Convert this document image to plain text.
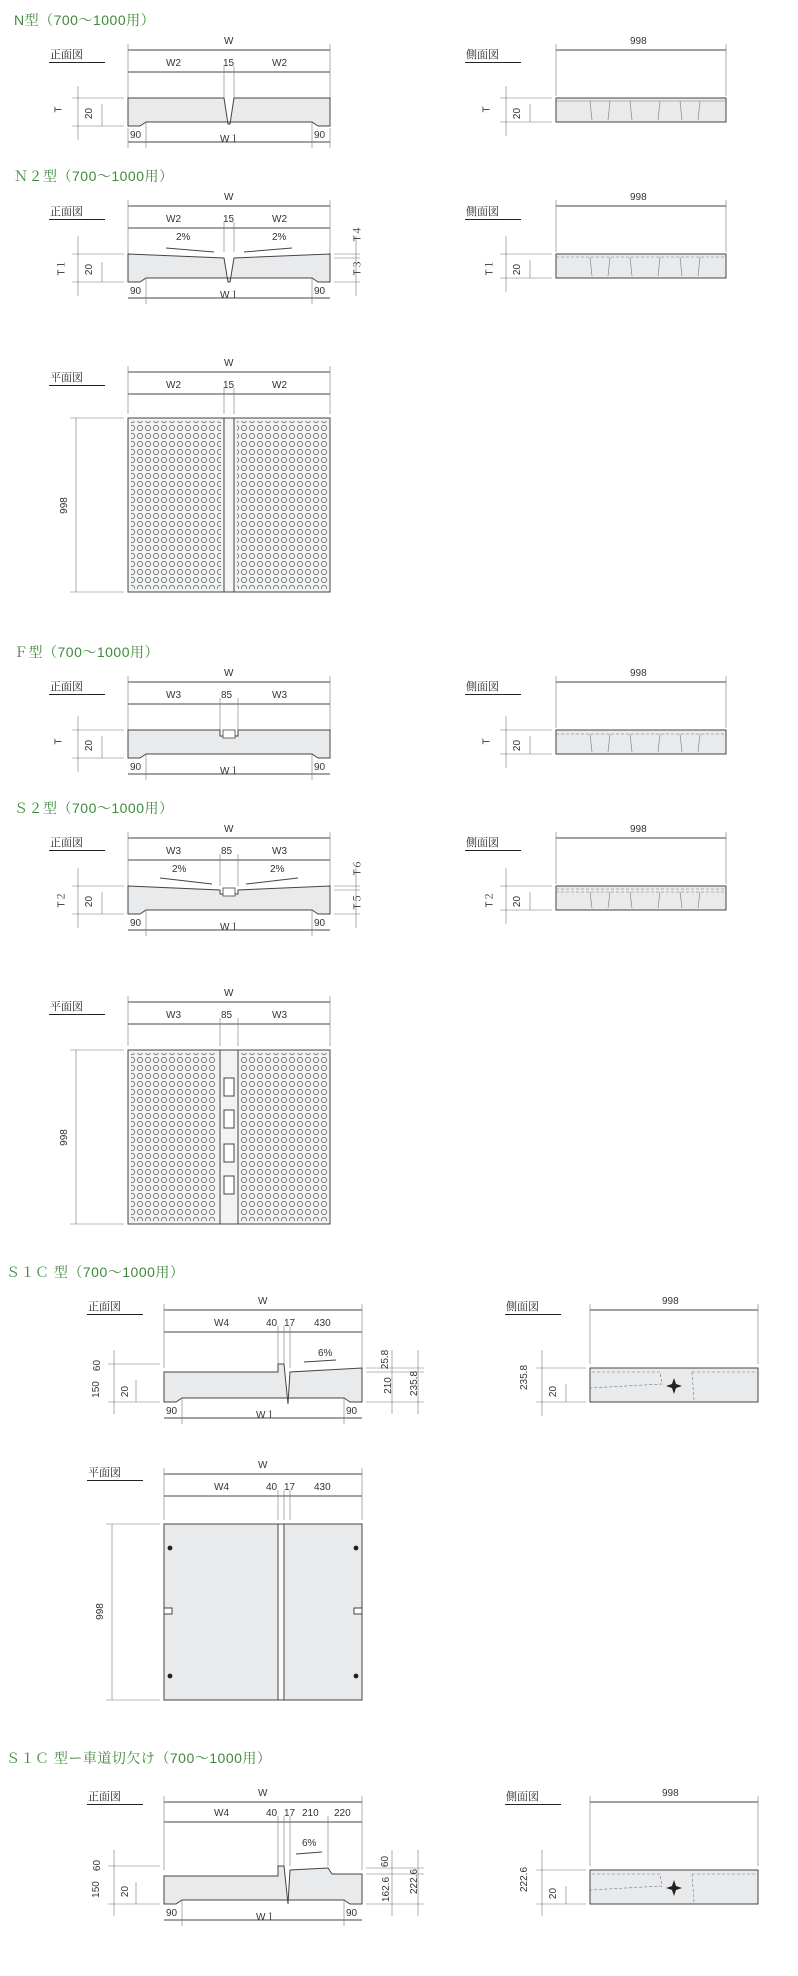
N型（700〜1000用）
Ｎ２型（700〜1000用）
Ｆ型（700〜1000用）
Ｓ２型（700〜1000用）
Ｓ１Ｃ 型（700〜1000用）
Ｓ１Ｃ 型ー車道切欠け（700〜1000用）
正面図	側面図
正面図	側面図
平面図
正面図	側面図
正面図	側面図
平面図
正面図	側面図
平面図
正面図	側面図
W
W2	15	W2
90	W１	90
T 20
998
T 20
W
W2	15	W2
2%	2%
90	W１	90
T１ 20
T４
T３
998
T１ 20
W
W2	15	W2
998
W
W3	85	W3
90	W１	90
T 20
998
T 20
W
W3	85	W3
2%	2%
90	W１	90
T２ 20
T６
T５
998
T２ 20
W
W3	85	W3
998
W
W4	40 17 430
6%
90	W１	90
60
150 20
25.8
210 235.8
998
235.8
20
W
W4	40 17 430
998
W
W4	40 17 210 220
6%
90	W１	90
60
150 20
60
162.6 222.6
998
222.6
20
